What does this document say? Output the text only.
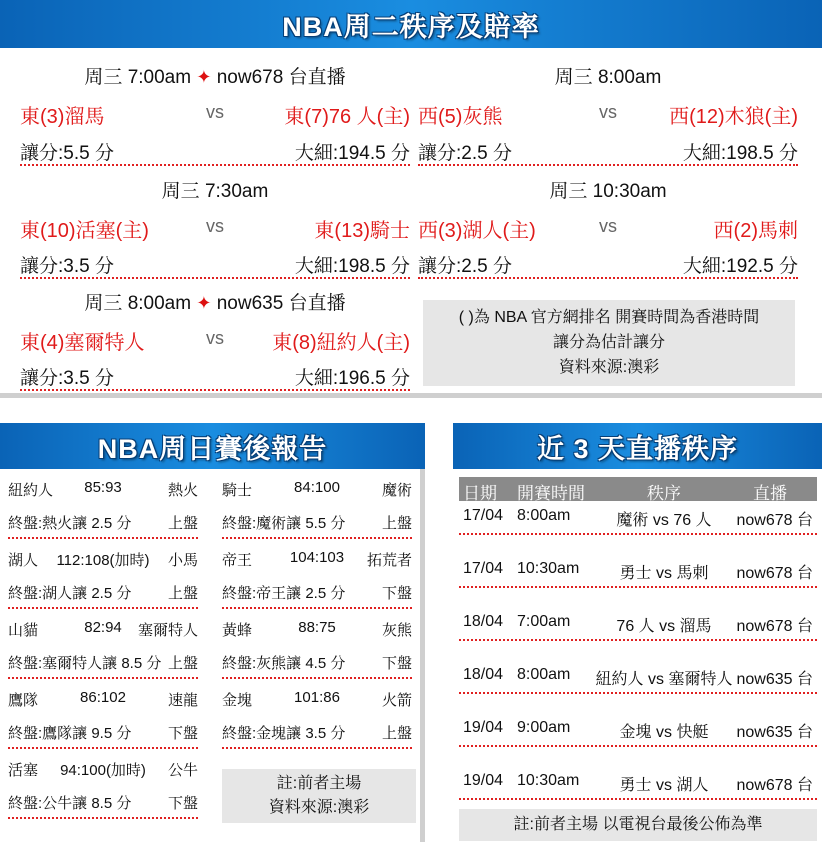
NBA周二秩序及賠率
周三 7:00am ✦ now678 台直播
東(3)溜馬	vs	東(7)76 人(主)
讓分:5.5 分	大細:194.5 分
周三 7:30am
東(10)活塞(主)	vs	東(13)騎士
讓分:3.5 分	大細:198.5 分
周三 8:00am ✦ now635 台直播
東(4)塞爾特人	vs 東(8)紐約人(主)
讓分:3.5 分	大細:196.5 分
周三 8:00am
西(5)灰熊	vs	西(12)木狼(主)
讓分:2.5 分	大細:198.5 分
周三 10:30am
西(3)湖人(主)	vs	西(2)馬刺
讓分:2.5 分	大細:192.5 分
( )為 NBA 官方網排名 開賽時間為香港時間
讓分為估計讓分
資料來源:澳彩
NBA周日賽後報告
紐約人 85:93	熱火
終盤:熱火讓 2.5 分 上盤
湖人 112:108(加時) 小馬
終盤:湖人讓 2.5 分 上盤
山貓	82:94 塞爾特人
終盤:塞爾特人讓 8.5 分 上盤
鷹隊	86:102	速龍
終盤:鷹隊讓 9.5 分 下盤
活塞 94:100(加時) 公牛
終盤:公牛讓 8.5 分 下盤
騎士	84:100	魔術
終盤:魔術讓 5.5 分 上盤
帝王	104:103 拓荒者
終盤:帝王讓 2.5 分 下盤
黃蜂	88:75	灰熊
終盤:灰熊讓 4.5 分 下盤
金塊	101:86	火箭
終盤:金塊讓 3.5 分 上盤
註:前者主場
資料來源:澳彩
近 3 天直播秩序
日期 開賽時間	秩序	直播
17/04 8:00am	魔術 vs 76 人	now678 台
17/04 10:30am	勇士 vs 馬刺	now678 台
18/04 7:00am	76 人 vs 溜馬	now678 台
18/04 8:00am	紐約人 vs 塞爾特人 now635 台
19/04 9:00am	金塊 vs 快艇	now635 台
19/04 10:30am	勇士 vs 湖人	now678 台
註:前者主場 以電視台最後公佈為準
